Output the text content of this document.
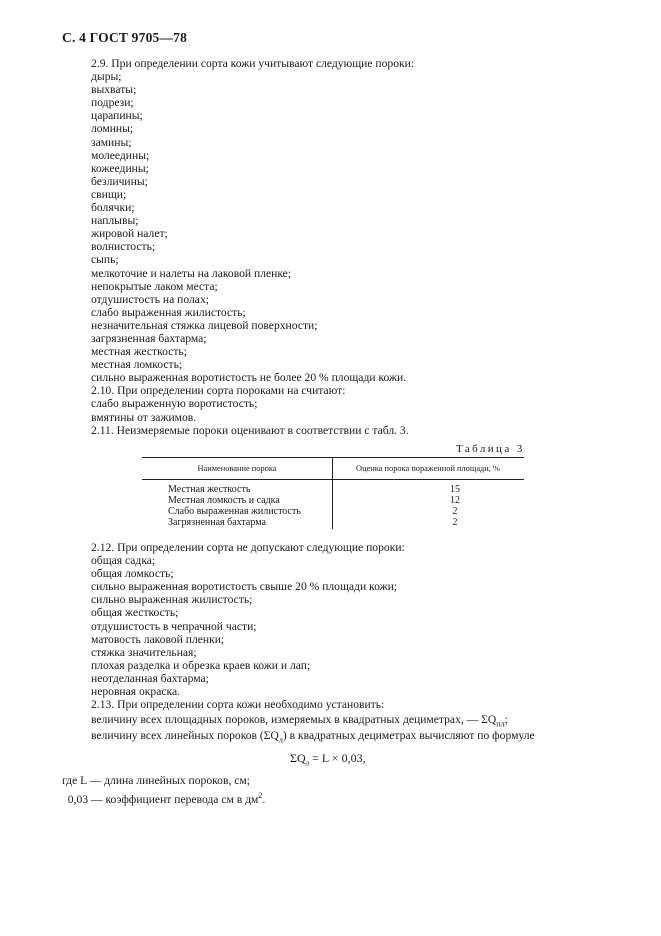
С. 4 ГОСТ 9705—78
2.9. При определении сорта кожи учитывают следующие пороки:
дыры;
выхваты;
подрези;
царапины;
ломины;
замины;
молеедины;
кожеедины;
безличины;
свищи;
болячки;
наплывы;
жировой налет;
волнистость;
сыпь;
мелкоточие и налеты на лаковой пленке;
непокрытые лаком места;
отдушистость на полах;
слабо выраженная жилистость;
незначительная стяжка лицевой поверхности;
загрязненная бахтарма;
местная жесткость;
местная ломкость;
сильно выраженная воротистость не более 20 % площади кожи.
2.10. При определении сорта пороками на считают:
слабо выраженную воротистость;
вмятины от зажимов.
2.11. Неизмеряемые пороки оценивают в соответствии с табл. 3.
Таблица 3
Наименование порока	Оценка порока пораженной площади, %
Местная жесткость	15
Местная ломкость и садка	12
Слабо выраженная жилистость	2
Загрязненная бахтарма	2
2.12. При определении сорта не допускают следующие пороки:
общая садка;
общая ломкость;
сильно выраженная воротистость свыше 20 % площади кожи;
сильно выраженная жилистость;
общая жесткость;
отдушистость в чепрачной части;
матовость лаковой пленки;
стяжка значительная;
плохая разделка и обрезка краев кожи и лап;
неотделанная бахтарма;
неровная окраска.
2.13. При определении сорта кожи необходимо установить:
величину всех площадных пороков, измеряемых в квадратных дециметрах, — $\Sigma Q_{пл}$;
величину всех линейных пороков $(\Sigma Q_л)$ в квадратных дециметрах вычисляют по формуле
$\Sigma Q_л = L \times 0,03$,
где L — длина линейных пороков, см;
0,03 — коэффициент перевода см в $дм^2$.
